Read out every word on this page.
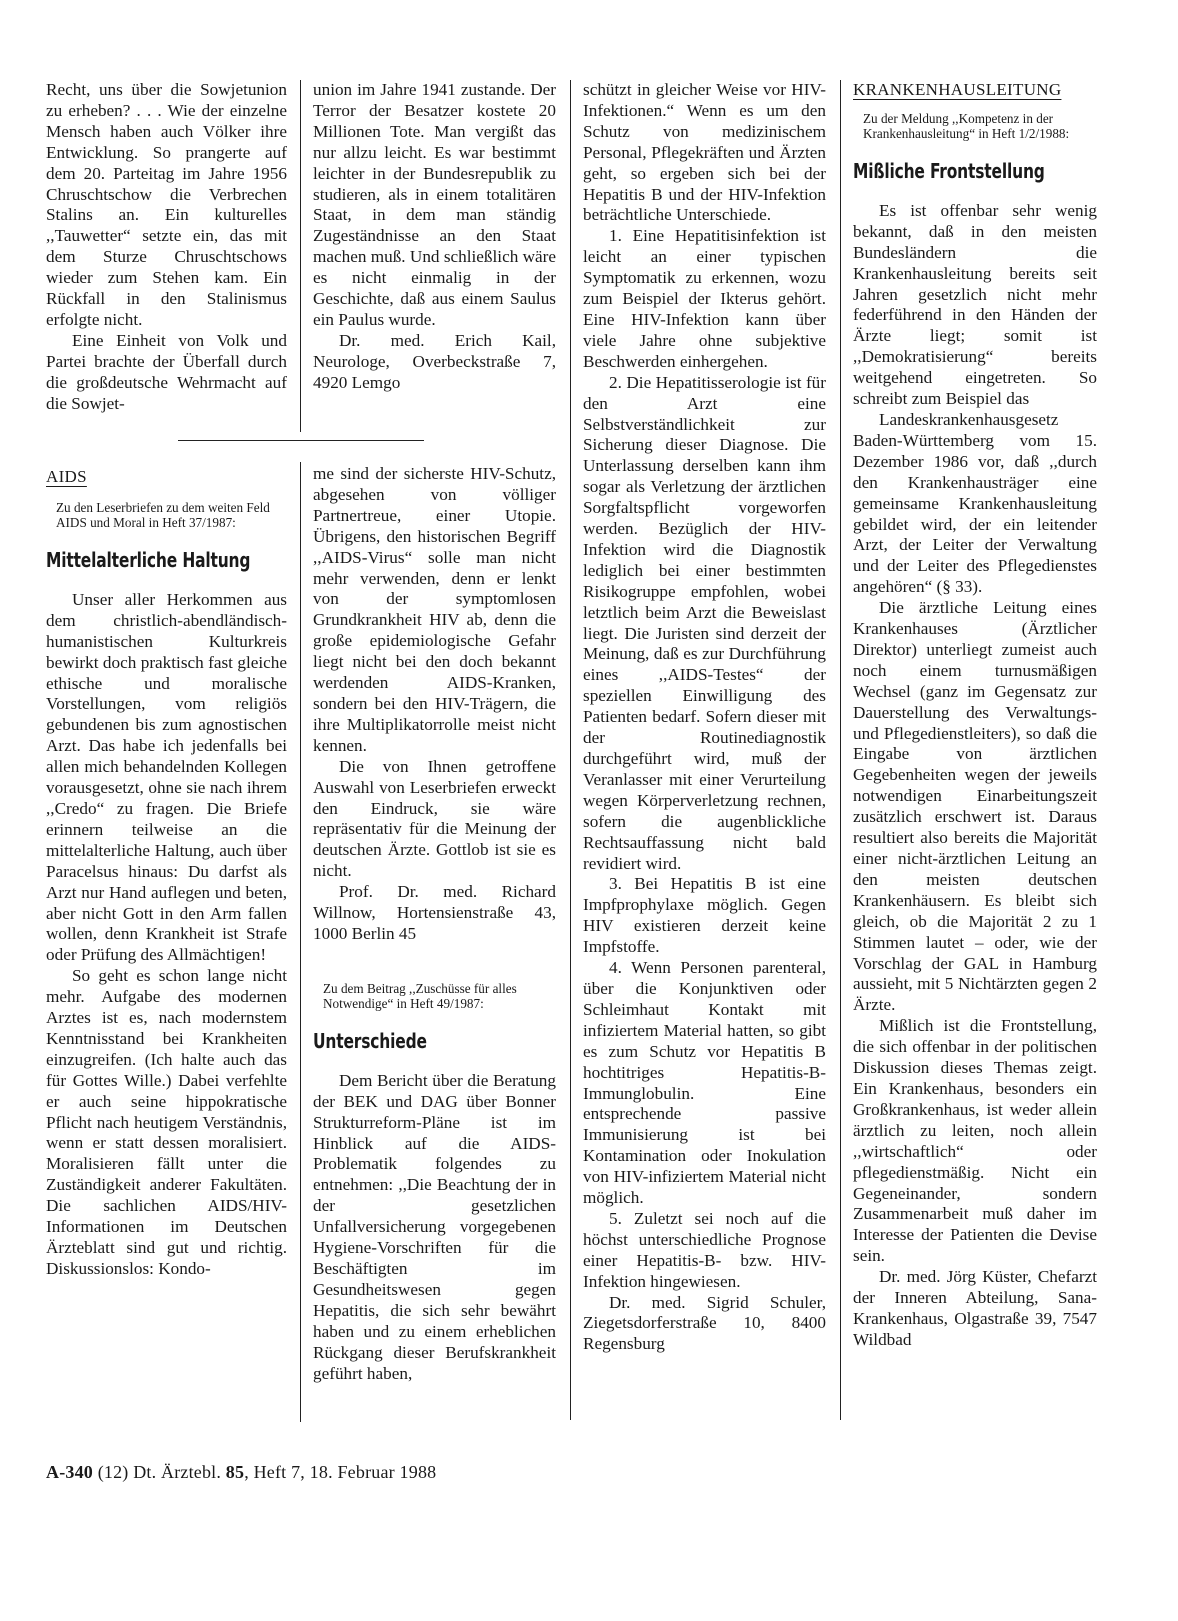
Recht, uns über die Sowjetunion zu erheben? . . . Wie der einzelne Mensch haben auch Völker ihre Entwicklung. So prangerte auf dem 20. Parteitag im Jahre 1956 Chruschtschow die Verbrechen Stalins an. Ein kulturelles ,,Tauwetter“ setzte ein, das mit dem Sturze Chruschtschows wieder zum Stehen kam. Ein Rückfall in den Stalinismus erfolgte nicht.

Eine Einheit von Volk und Partei brachte der Überfall durch die großdeutsche Wehrmacht auf die Sowjet-

union im Jahre 1941 zustande. Der Terror der Besatzer kostete 20 Millionen Tote. Man vergißt das nur allzu leicht. Es war bestimmt leichter in der Bundesrepublik zu studieren, als in einem totalitären Staat, in dem man ständig Zugeständnisse an den Staat machen muß. Und schließlich wäre es nicht einmalig in der Geschichte, daß aus einem Saulus ein Paulus wurde.

Dr. med. Erich Kail, Neurologe, Overbeckstraße 7, 4920 Lemgo

AIDS
Zu den Leserbriefen zu dem weiten Feld AIDS und Moral in Heft 37/1987:
Mittelalterliche Haltung

Unser aller Herkommen aus dem christlich-abendländisch-humanistischen Kulturkreis bewirkt doch praktisch fast gleiche ethische und moralische Vorstellungen, vom religiös gebundenen bis zum agnostischen Arzt. Das habe ich jedenfalls bei allen mich behandelnden Kollegen vorausgesetzt, ohne sie nach ihrem ,,Credo“ zu fragen. Die Briefe erinnern teilweise an die mittelalterliche Haltung, auch über Paracelsus hinaus: Du darfst als Arzt nur Hand auflegen und beten, aber nicht Gott in den Arm fallen wollen, denn Krankheit ist Strafe oder Prüfung des Allmächtigen!

So geht es schon lange nicht mehr. Aufgabe des modernen Arztes ist es, nach modernstem Kenntnisstand bei Krankheiten einzugreifen. (Ich halte auch das für Gottes Wille.) Dabei verfehlte er auch seine hippokratische Pflicht nach heutigem Verständnis, wenn er statt dessen moralisiert. Moralisieren fällt unter die Zuständigkeit anderer Fakultäten. Die sachlichen AIDS/HIV-Informationen im Deutschen Ärzteblatt sind gut und richtig. Diskussionslos: Kondo-

me sind der sicherste HIV-Schutz, abgesehen von völliger Partnertreue, einer Utopie. Übrigens, den historischen Begriff ,,AIDS-Virus“ solle man nicht mehr verwenden, denn er lenkt von der symptomlosen Grundkrankheit HIV ab, denn die große epidemiologische Gefahr liegt nicht bei den doch bekannt werdenden AIDS-Kranken, sondern bei den HIV-Trägern, die ihre Multiplikatorrolle meist nicht kennen.

Die von Ihnen getroffene Auswahl von Leserbriefen erweckt den Eindruck, sie wäre repräsentativ für die Meinung der deutschen Ärzte. Gottlob ist sie es nicht.

Prof. Dr. med. Richard Willnow, Hortensienstraße 43, 1000 Berlin 45

Zu dem Beitrag ,,Zuschüsse für alles Notwendige“ in Heft 49/1987:
Unterschiede

Dem Bericht über die Beratung der BEK und DAG über Bonner Strukturreform-Pläne ist im Hinblick auf die AIDS-Problematik folgendes zu entnehmen: ,,Die Beachtung der in der gesetzlichen Unfallversicherung vorgegebenen Hygiene-Vorschriften für die Beschäftigten im Gesundheitswesen gegen Hepatitis, die sich sehr bewährt haben und zu einem erheblichen Rückgang dieser Berufskrankheit geführt haben,

schützt in gleicher Weise vor HIV-Infektionen.“ Wenn es um den Schutz von medizinischem Personal, Pflegekräften und Ärzten geht, so ergeben sich bei der Hepatitis B und der HIV-Infektion beträchtliche Unterschiede.

1. Eine Hepatitisinfektion ist leicht an einer typischen Symptomatik zu erkennen, wozu zum Beispiel der Ikterus gehört. Eine HIV-Infektion kann über viele Jahre ohne subjektive Beschwerden einhergehen.

2. Die Hepatitisserologie ist für den Arzt eine Selbstverständlichkeit zur Sicherung dieser Diagnose. Die Unterlassung derselben kann ihm sogar als Verletzung der ärztlichen Sorgfaltspflicht vorgeworfen werden. Bezüglich der HIV-Infektion wird die Diagnostik lediglich bei einer bestimmten Risikogruppe empfohlen, wobei letztlich beim Arzt die Beweislast liegt. Die Juristen sind derzeit der Meinung, daß es zur Durchführung eines ,,AIDS-Testes“ der speziellen Einwilligung des Patienten bedarf. Sofern dieser mit der Routinediagnostik durchgeführt wird, muß der Veranlasser mit einer Verurteilung wegen Körperverletzung rechnen, sofern die augenblickliche Rechtsauffassung nicht bald revidiert wird.

3. Bei Hepatitis B ist eine Impfprophylaxe möglich. Gegen HIV existieren derzeit keine Impfstoffe.

4. Wenn Personen parenteral, über die Konjunktiven oder Schleimhaut Kontakt mit infiziertem Material hatten, so gibt es zum Schutz vor Hepatitis B hochtitriges Hepatitis-B-Immunglobulin. Eine entsprechende passive Immunisierung ist bei Kontamination oder Inokulation von HIV-infiziertem Material nicht möglich.

5. Zuletzt sei noch auf die höchst unterschiedliche Prognose einer Hepatitis-B- bzw. HIV-Infektion hingewiesen.

Dr. med. Sigrid Schuler, Ziegetsdorferstraße 10, 8400 Regensburg

KRANKENHAUSLEITUNG
Zu der Meldung ,,Kompetenz in der Krankenhausleitung“ in Heft 1/2/1988:
Mißliche Frontstellung

Es ist offenbar sehr wenig bekannt, daß in den meisten Bundesländern die Krankenhausleitung bereits seit Jahren gesetzlich nicht mehr federführend in den Händen der Ärzte liegt; somit ist ,,Demokratisierung“ bereits weitgehend eingetreten. So schreibt zum Beispiel das

Landeskrankenhausgesetz Baden-Württemberg vom 15. Dezember 1986 vor, daß ,,durch den Krankenhausträger eine gemeinsame Krankenhausleitung gebildet wird, der ein leitender Arzt, der Leiter der Verwaltung und der Leiter des Pflegedienstes angehören“ (§ 33).

Die ärztliche Leitung eines Krankenhauses (Ärztlicher Direktor) unterliegt zumeist auch noch einem turnusmäßigen Wechsel (ganz im Gegensatz zur Dauerstellung des Verwaltungs- und Pflegedienstleiters), so daß die Eingabe von ärztlichen Gegebenheiten wegen der jeweils notwendigen Einarbeitungszeit zusätzlich erschwert ist. Daraus resultiert also bereits die Majorität einer nicht-ärztlichen Leitung an den meisten deutschen Krankenhäusern. Es bleibt sich gleich, ob die Majorität 2 zu 1 Stimmen lautet – oder, wie der Vorschlag der GAL in Hamburg aussieht, mit 5 Nichtärzten gegen 2 Ärzte.

Mißlich ist die Frontstellung, die sich offenbar in der politischen Diskussion dieses Themas zeigt. Ein Krankenhaus, besonders ein Großkrankenhaus, ist weder allein ärztlich zu leiten, noch allein ,,wirtschaftlich“ oder pflegedienstmäßig. Nicht ein Gegeneinander, sondern Zusammenarbeit muß daher im Interesse der Patienten die Devise sein.

Dr. med. Jörg Küster, Chefarzt der Inneren Abteilung, Sana-Krankenhaus, Olgastraße 39, 7547 Wildbad

A-340 (12) Dt. Ärztebl. 85, Heft 7, 18. Februar 1988
